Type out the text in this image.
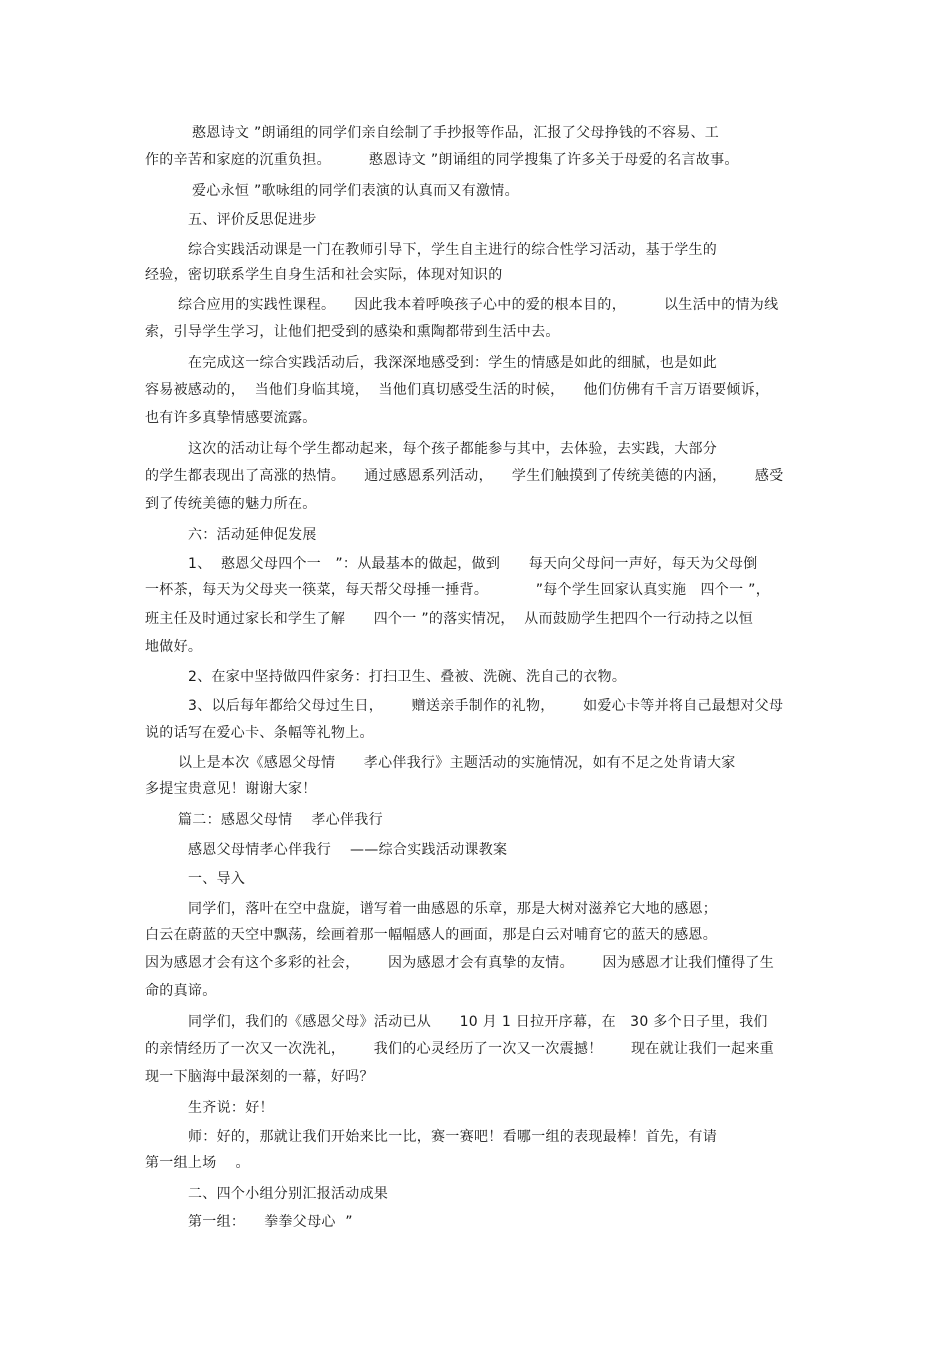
憨恩诗文 ”朗诵组的同学们亲自绘制了手抄报等作品，汇报了父母挣钱的不容易、工
作的辛苦和家庭的沉重负担。        憨恩诗文 ”朗诵组的同学搜集了许多关于母爱的名言故事。
爱心永恒 ”歌咏组的同学们表演的认真而又有激情。
五、评价反思促进步
综合实践活动课是一门在教师引导下，学生自主进行的综合性学习活动，基于学生的
经验，密切联系学生自身生活和社会实际，体现对知识的
综合应用的实践性课程。    因此我本着呼唤孩子心中的爱的根本目的，        以生活中的情为线
索，引导学生学习，让他们把受到的感染和熏陶都带到生活中去。
在完成这一综合实践活动后，我深深地感受到：学生的情感是如此的细腻，也是如此
容易被感动的，  当他们身临其境，  当他们真切感受生活的时候，    他们仿佛有千言万语要倾诉，
也有许多真挚情感要流露。
这次的活动让每个学生都动起来，每个孩子都能参与其中，去体验，去实践，大部分
的学生都表现出了高涨的热情。    通过感恩系列活动，    学生们触摸到了传统美德的内涵，      感受
到了传统美德的魅力所在。
六：活动延伸促发展
1、  憨恩父母四个一   ”：从最基本的做起，做到      每天向父母问一声好，每天为父母倒
一杯茶，每天为父母夹一筷菜，每天帮父母捶一捶背。          ”每个学生回家认真实施   四个一 ”，
班主任及时通过家长和学生了解      四个一 ”的落实情况，  从而鼓励学生把四个一行动持之以恒
地做好。
2、在家中坚持做四件家务：打扫卫生、叠被、洗碗、洗自己的衣物。
3、以后每年都给父母过生日，      赠送亲手制作的礼物，      如爱心卡等并将自己最想对父母
说的话写在爱心卡、条幅等礼物上。
以上是本次《感恩父母情      孝心伴我行》主题活动的实施情况，如有不足之处肯请大家
多提宝贵意见！谢谢大家！
篇二：感恩父母情    孝心伴我行
感恩父母情孝心伴我行    ——综合实践活动课教案
一、导入
同学们，落叶在空中盘旋，谱写着一曲感恩的乐章，那是大树对滋养它大地的感恩；
白云在蔚蓝的天空中飘荡，绘画着那一幅幅感人的画面，那是白云对哺育它的蓝天的感恩。
因为感恩才会有这个多彩的社会，      因为感恩才会有真挚的友情。      因为感恩才让我们懂得了生
命的真谛。
同学们，我们的《感恩父母》活动已从      10 月 1 日拉开序幕，在   30 多个日子里，我们
的亲情经历了一次又一次洗礼，      我们的心灵经历了一次又一次震撼！      现在就让我们一起来重
现一下脑海中最深刻的一幕，好吗？
生齐说：好！
师：好的，那就让我们开始来比一比，赛一赛吧！看哪一组的表现最棒！首先，有请
第一组上场    。
二、四个小组分别汇报活动成果
第一组：    拳拳父母心  ”
